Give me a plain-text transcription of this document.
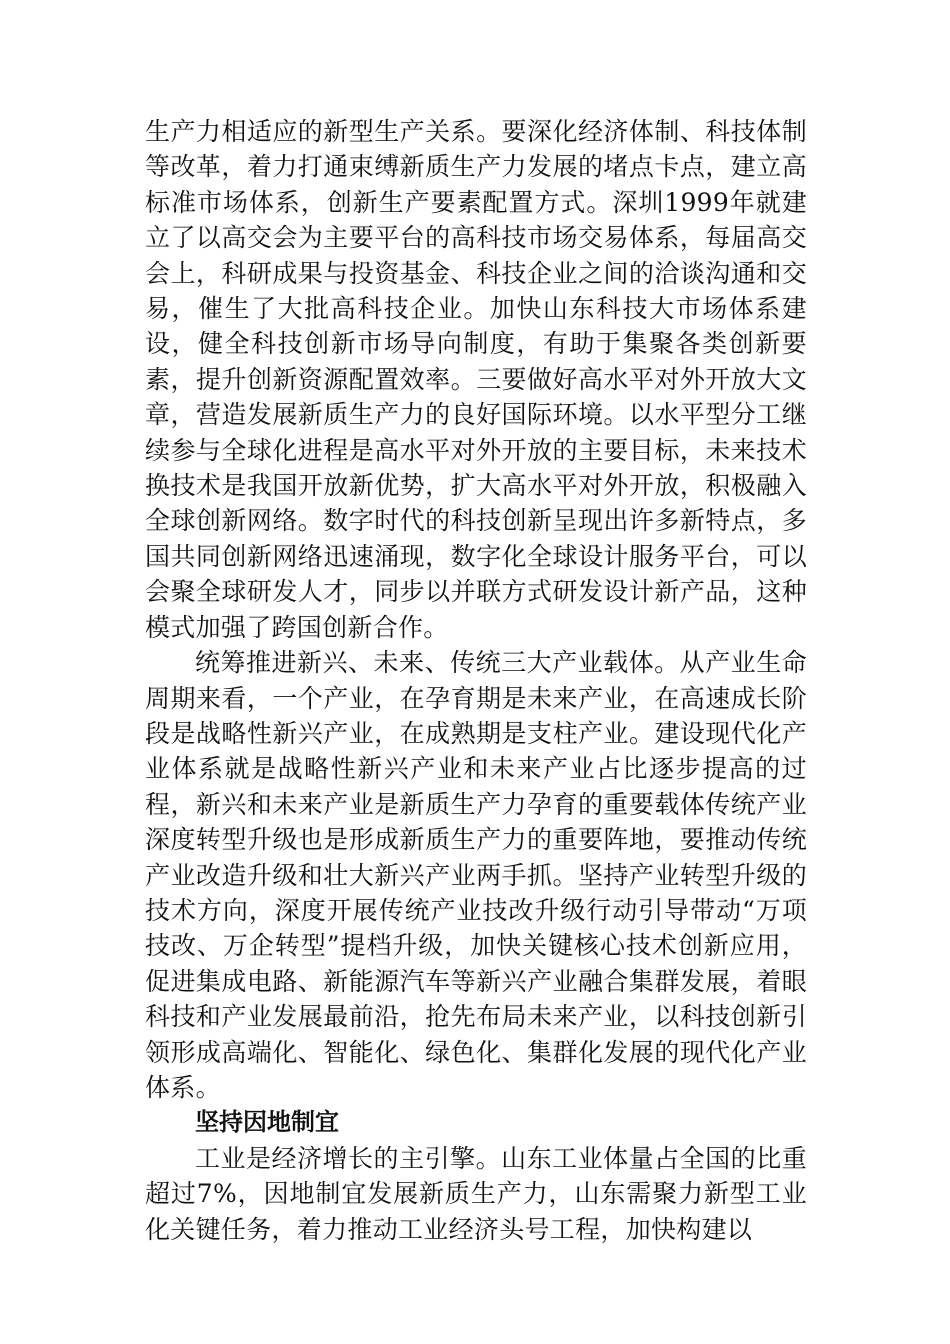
生产力相适应的新型生产关系。要深化经济体制、科技体制等改革，着力打通束缚新质生产力发展的堵点卡点，建立高标准市场体系，创新生产要素配置方式。深圳1999年就建立了以高交会为主要平台的高科技市场交易体系，每届高交会上，科研成果与投资基金、科技企业之间的洽谈沟通和交易，催生了大批高科技企业。加快山东科技大市场体系建设，健全科技创新市场导向制度，有助于集聚各类创新要素，提升创新资源配置效率。三要做好高水平对外开放大文章，营造发展新质生产力的良好国际环境。以水平型分工继续参与全球化进程是高水平对外开放的主要目标，未来技术换技术是我国开放新优势，扩大高水平对外开放，积极融入全球创新网络。数字时代的科技创新呈现出许多新特点，多国共同创新网络迅速涌现，数字化全球设计服务平台，可以会聚全球研发人才，同步以并联方式研发设计新产品，这种模式加强了跨国创新合作。

统筹推进新兴、未来、传统三大产业载体。从产业生命周期来看，一个产业，在孕育期是未来产业，在高速成长阶段是战略性新兴产业，在成熟期是支柱产业。建设现代化产业体系就是战略性新兴产业和未来产业占比逐步提高的过程，新兴和未来产业是新质生产力孕育的重要载体传统产业深度转型升级也是形成新质生产力的重要阵地，要推动传统产业改造升级和壮大新兴产业两手抓。坚持产业转型升级的技术方向，深度开展传统产业技改升级行动引导带动“万项技改、万企转型”提档升级，加快关键核心技术创新应用，促进集成电路、新能源汽车等新兴产业融合集群发展，着眼科技和产业发展最前沿，抢先布局未来产业，以科技创新引领形成高端化、智能化、绿色化、集群化发展的现代化产业体系。

坚持因地制宜

工业是经济增长的主引擎。山东工业体量占全国的比重超过7%，因地制宜发展新质生产力，山东需聚力新型工业化关键任务，着力推动工业经济头号工程，加快构建以
